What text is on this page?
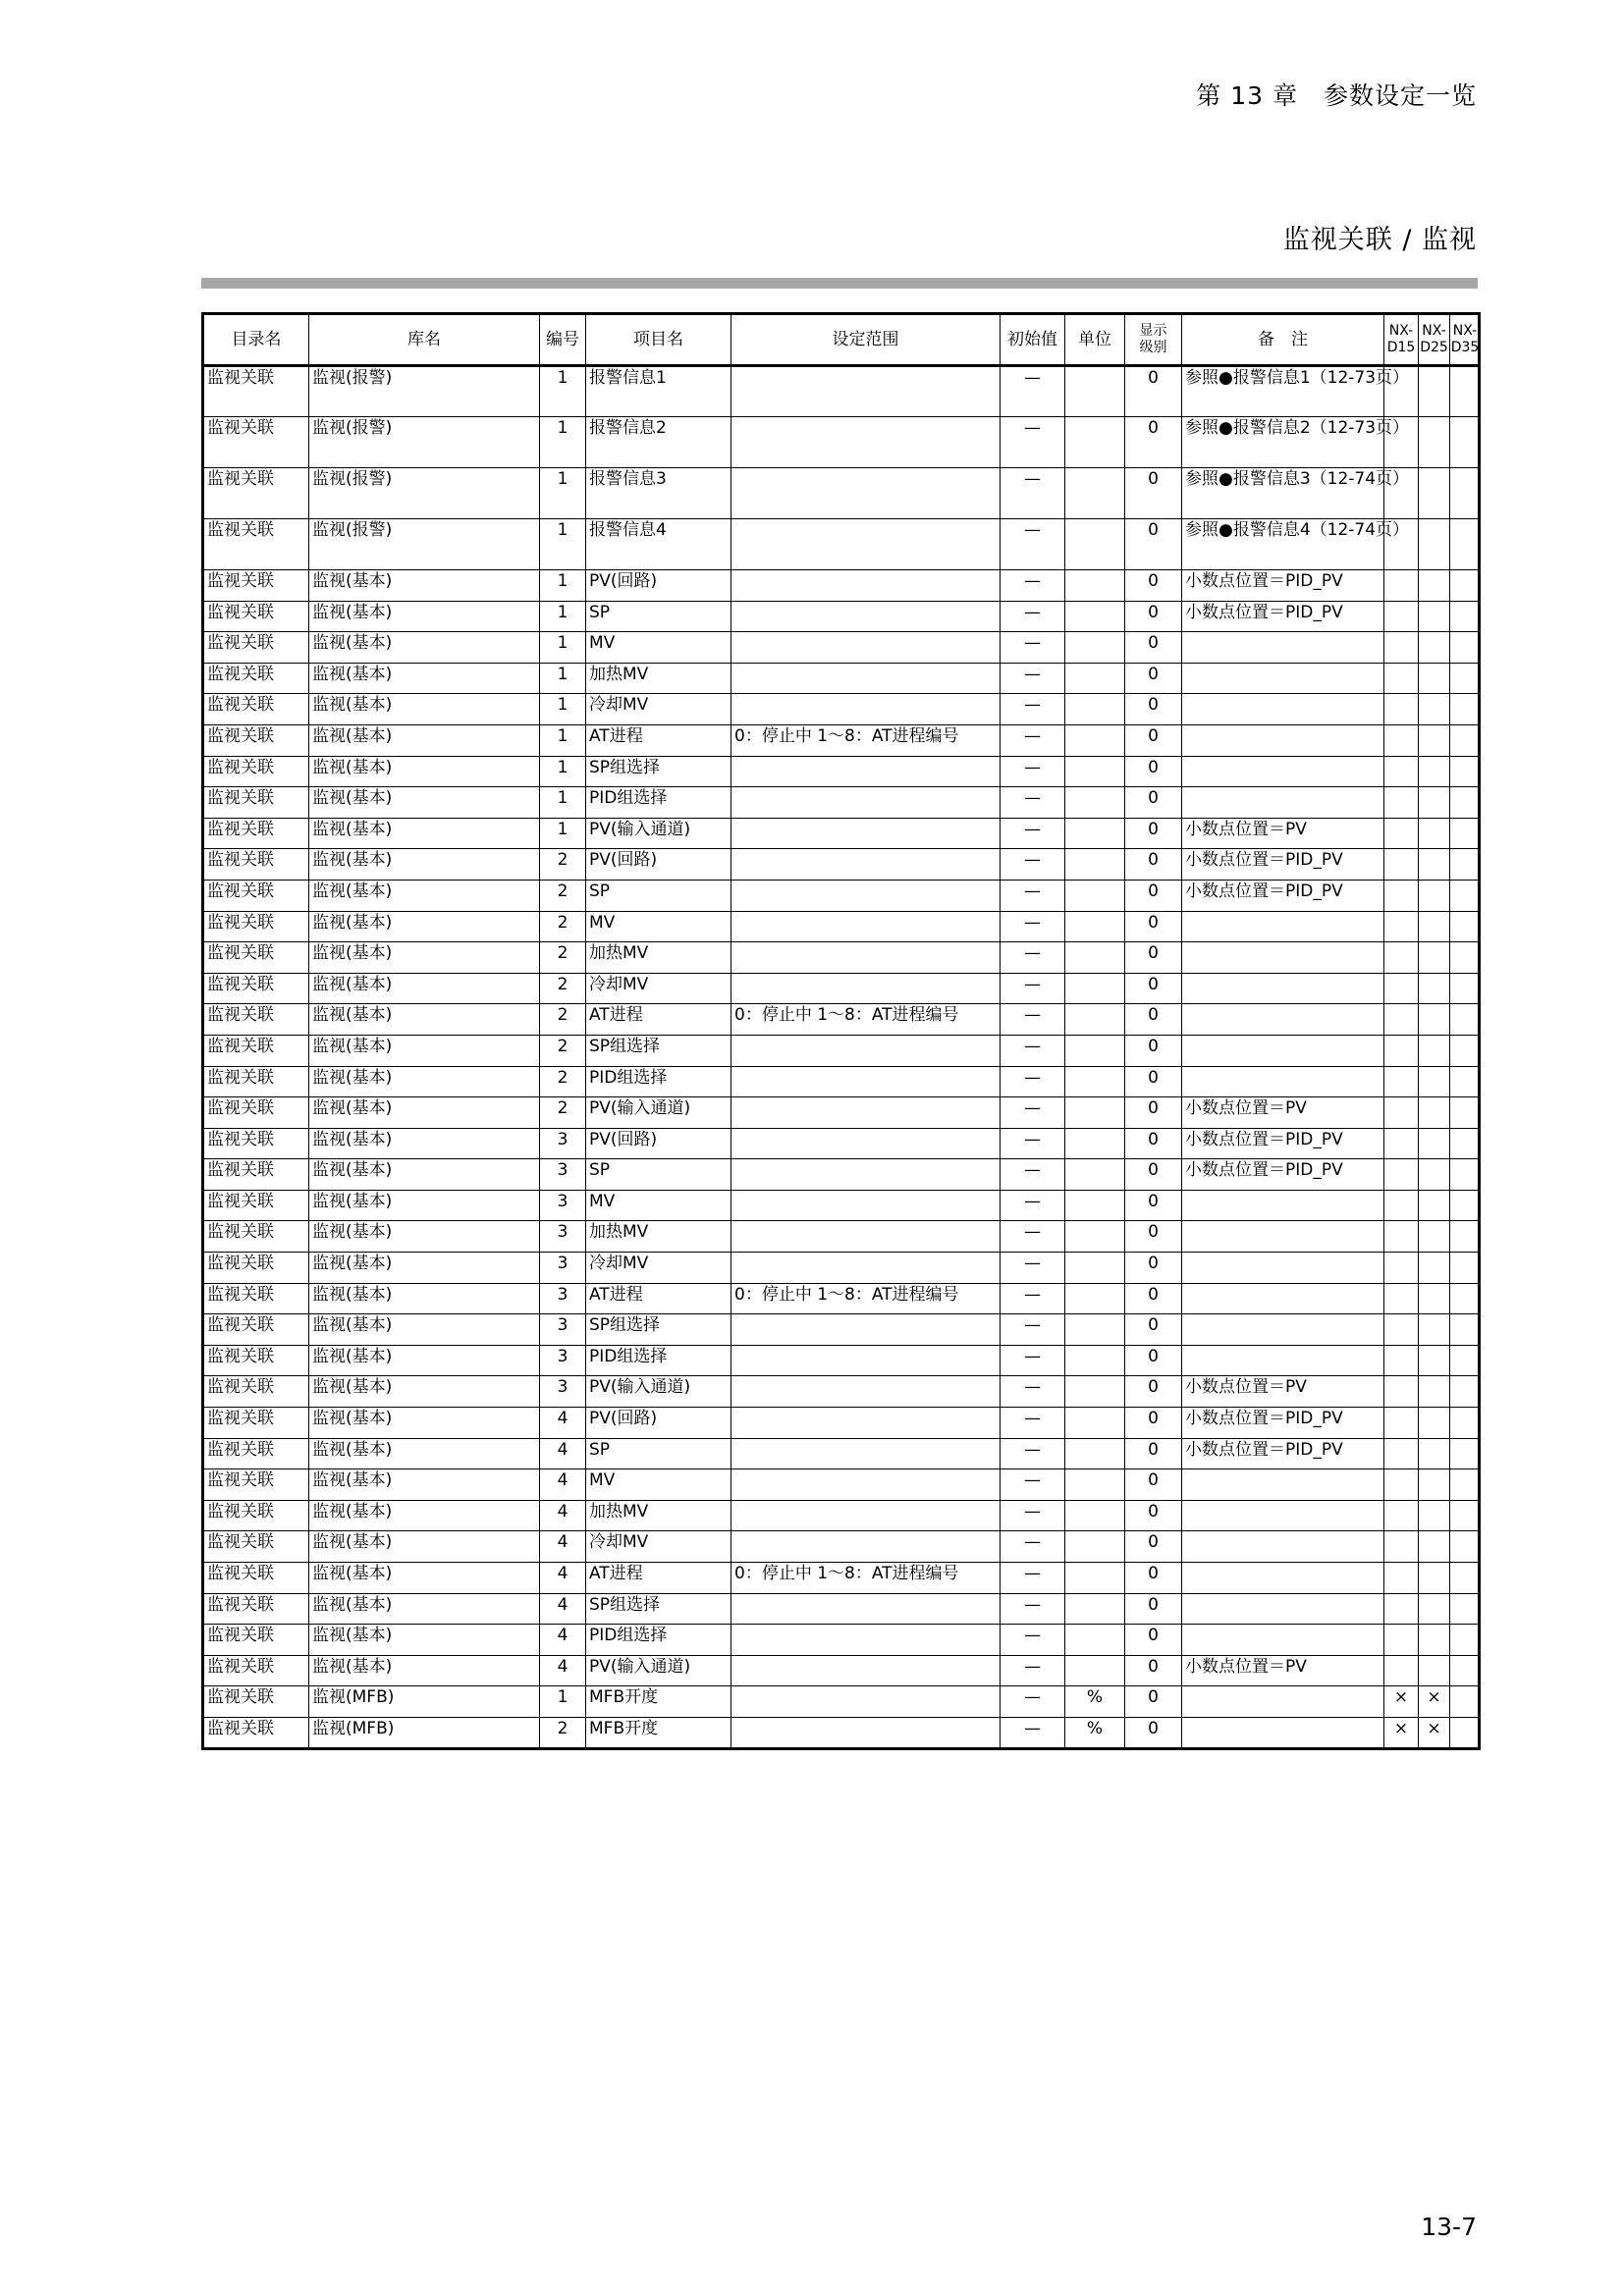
第 13 章　参数设定一览
监视关联 / 监视
目录名	库名	编号	项目名	设定范围	初始值	单位	显示级别	备　注	NX-D15	NX-D25	NX-D35

监视关联	监视(报警)	1	报警信息1		—		0	参照●报警信息1（12-73页）			
监视关联	监视(报警)	1	报警信息2		—		0	参照●报警信息2（12-73页）			
监视关联	监视(报警)	1	报警信息3		—		0	参照●报警信息3（12-74页）			
监视关联	监视(报警)	1	报警信息4		—		0	参照●报警信息4（12-74页）			
监视关联	监视(基本)	1	PV(回路)		—		0	小数点位置＝PID_PV			
监视关联	监视(基本)	1	SP		—		0	小数点位置＝PID_PV			
监视关联	监视(基本)	1	MV		—		0				
监视关联	监视(基本)	1	加热MV		—		0				
监视关联	监视(基本)	1	冷却MV		—		0				
监视关联	监视(基本)	1	AT进程	0：停止中 1～8：AT进程编号	—		0				
监视关联	监视(基本)	1	SP组选择		—		0				
监视关联	监视(基本)	1	PID组选择		—		0				
监视关联	监视(基本)	1	PV(输入通道)		—		0	小数点位置＝PV			
监视关联	监视(基本)	2	PV(回路)		—		0	小数点位置＝PID_PV			
监视关联	监视(基本)	2	SP		—		0	小数点位置＝PID_PV			
监视关联	监视(基本)	2	MV		—		0				
监视关联	监视(基本)	2	加热MV		—		0				
监视关联	监视(基本)	2	冷却MV		—		0				
监视关联	监视(基本)	2	AT进程	0：停止中 1～8：AT进程编号	—		0				
监视关联	监视(基本)	2	SP组选择		—		0				
监视关联	监视(基本)	2	PID组选择		—		0				
监视关联	监视(基本)	2	PV(输入通道)		—		0	小数点位置＝PV			
监视关联	监视(基本)	3	PV(回路)		—		0	小数点位置＝PID_PV			
监视关联	监视(基本)	3	SP		—		0	小数点位置＝PID_PV			
监视关联	监视(基本)	3	MV		—		0				
监视关联	监视(基本)	3	加热MV		—		0				
监视关联	监视(基本)	3	冷却MV		—		0				
监视关联	监视(基本)	3	AT进程	0：停止中 1～8：AT进程编号	—		0				
监视关联	监视(基本)	3	SP组选择		—		0				
监视关联	监视(基本)	3	PID组选择		—		0				
监视关联	监视(基本)	3	PV(输入通道)		—		0	小数点位置＝PV			
监视关联	监视(基本)	4	PV(回路)		—		0	小数点位置＝PID_PV			
监视关联	监视(基本)	4	SP		—		0	小数点位置＝PID_PV			
监视关联	监视(基本)	4	MV		—		0				
监视关联	监视(基本)	4	加热MV		—		0				
监视关联	监视(基本)	4	冷却MV		—		0				
监视关联	监视(基本)	4	AT进程	0：停止中 1～8：AT进程编号	—		0				
监视关联	监视(基本)	4	SP组选择		—		0				
监视关联	监视(基本)	4	PID组选择		—		0				
监视关联	监视(基本)	4	PV(输入通道)		—		0	小数点位置＝PV			
监视关联	监视(MFB)	1	MFB开度		—	%	0		×	×	
监视关联	监视(MFB)	2	MFB开度		—	%	0		×	×	
13-7
